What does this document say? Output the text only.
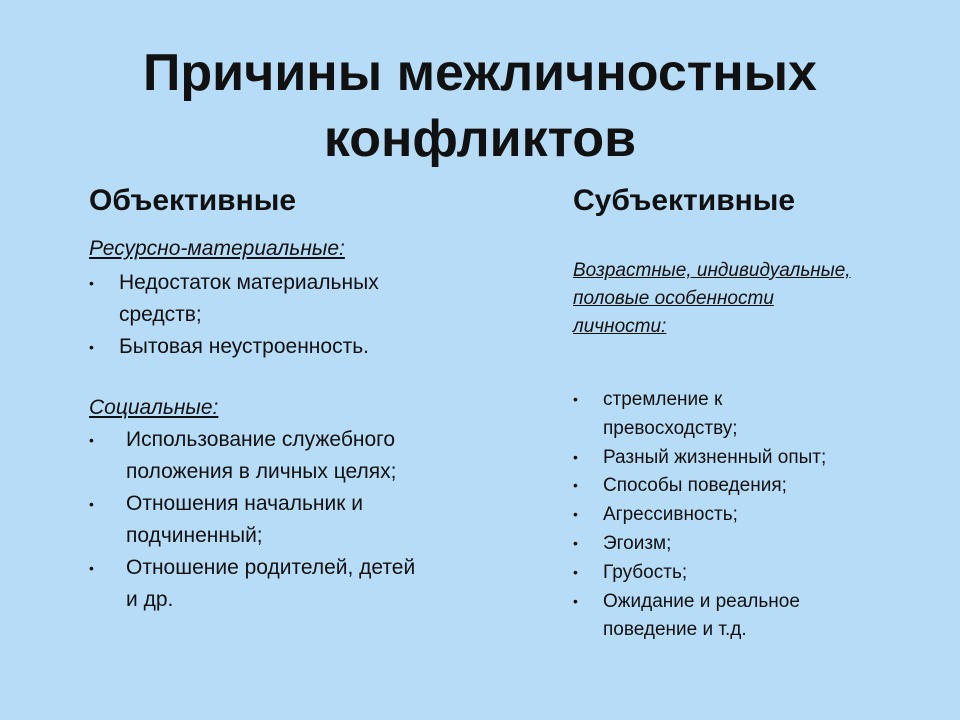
Причины межличностных
конфликтов
Объективные

Ресурсно-материальные:

• Недостаток материальных средств;
• Бытовая неустроенность.

Социальные:

• Использование служебного положения в личных целях;
• Отношения начальник и подчиненный;
• Отношение родителей, детей и др.
Субъективные

Возрастные, индивидуальные, половые особенности личности:

• стремление к превосходству;
• Разный жизненный опыт;
• Способы поведения;
• Агрессивность;
• Эгоизм;
• Грубость;
• Ожидание и реальное поведение и т.д.
